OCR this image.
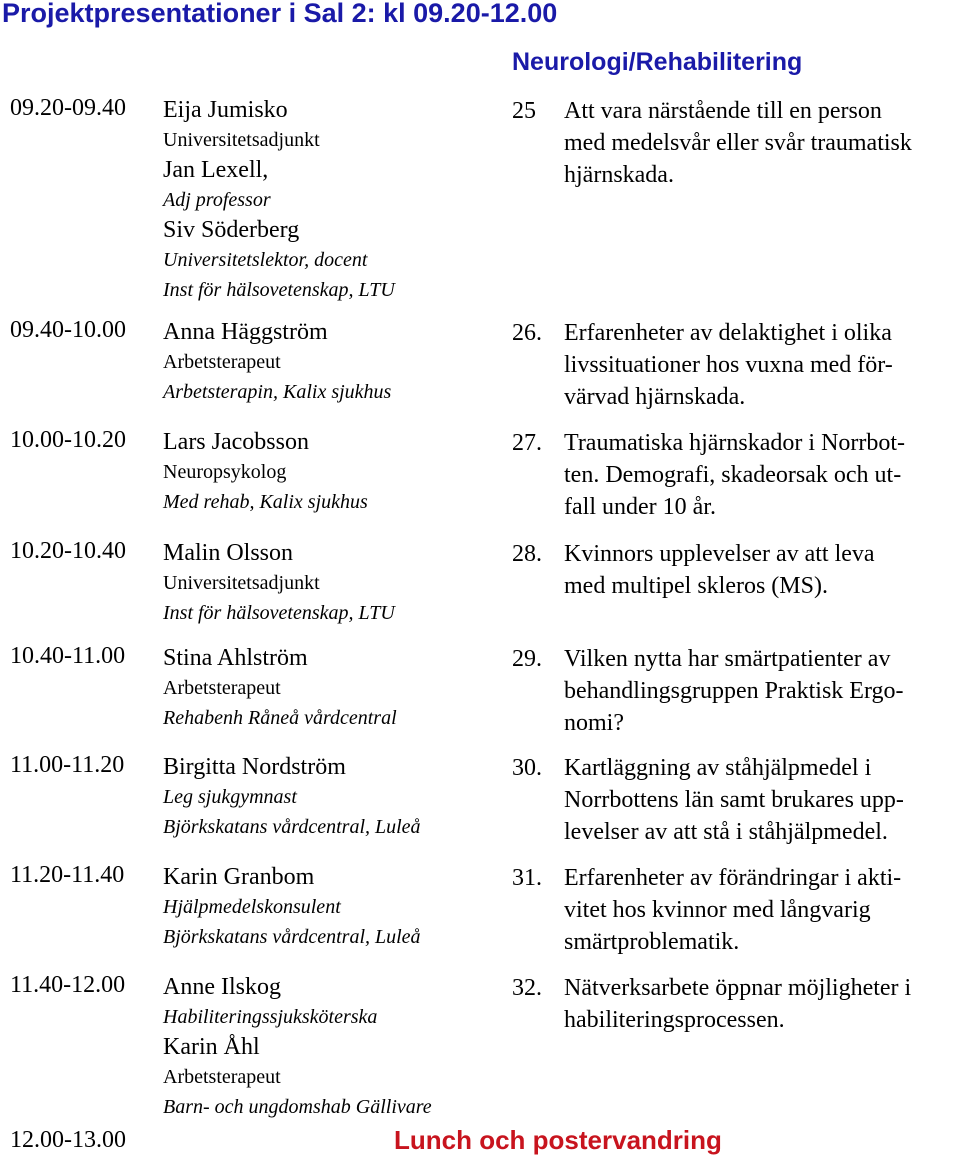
Projektpresentationer i Sal 2: kl 09.20-12.00
Neurologi/Rehabilitering
09.20-09.40 Eija Jumisko
Universitetsadjunkt
Jan Lexell,
Adj professor
Siv Söderberg
Universitetslektor, docent
Inst för hälsovetenskap, LTU
25 Att vara närstående till en person
med medelsvår eller svår traumatisk
hjärnskada.
09.40-10.00 Anna Häggström
Arbetsterapeut
Arbetsterapin, Kalix sjukhus
26. Erfarenheter av delaktighet i olika
livssituationer hos vuxna med för-
värvad hjärnskada.
10.00-10.20 Lars Jacobsson
Neuropsykolog
Med rehab, Kalix sjukhus
27. Traumatiska hjärnskador i Norrbot-
ten. Demografi, skadeorsak och ut-
fall under 10 år.
10.20-10.40 Malin Olsson
Universitetsadjunkt
Inst för hälsovetenskap, LTU
28. Kvinnors upplevelser av att leva
med multipel skleros (MS).
10.40-11.00 Stina Ahlström
Arbetsterapeut
Rehabenh Råneå vårdcentral
29. Vilken nytta har smärtpatienter av
behandlingsgruppen Praktisk Ergo-
nomi?
11.00-11.20 Birgitta Nordström
Leg sjukgymnast
Björkskatans vårdcentral, Luleå
30. Kartläggning av ståhjälpmedel i
Norrbottens län samt brukares upp-
levelser av att stå i ståhjälpmedel.
11.20-11.40 Karin Granbom
Hjälpmedelskonsulent
Björkskatans vårdcentral, Luleå
31. Erfarenheter av förändringar i akti-
vitet hos kvinnor med långvarig
smärtproblematik.
11.40-12.00 Anne Ilskog
Habiliteringssjuksköterska
Karin Åhl
Arbetsterapeut
Barn- och ungdomshab Gällivare
32. Nätverksarbete öppnar möjligheter i
habiliteringsprocessen.
12.00-13.00	Lunch och postervandring
